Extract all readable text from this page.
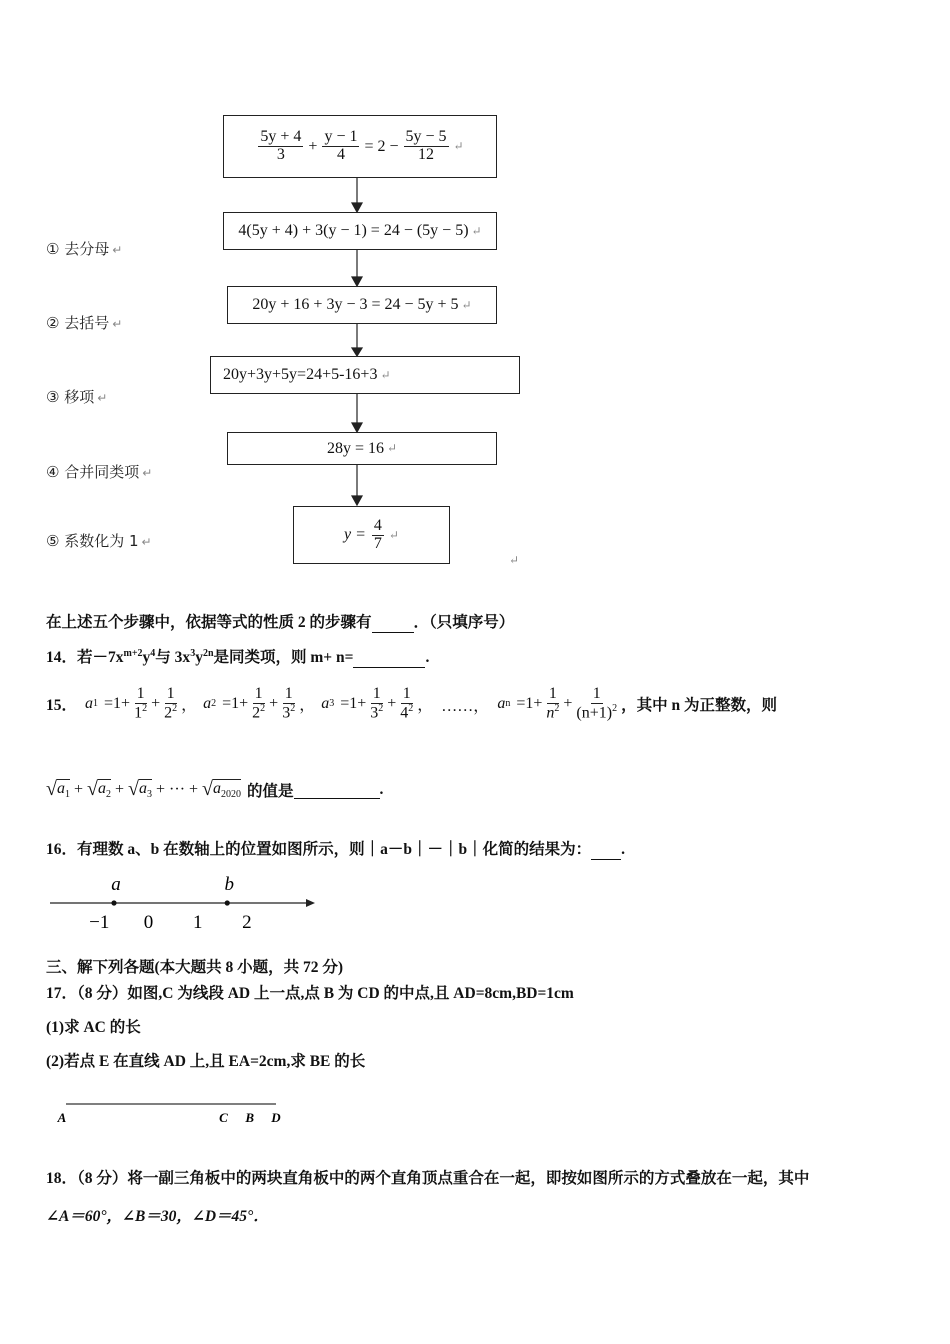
$\frac{5y + 4}{3} + \frac{y - 1}{4} = 2 - \frac{5y - 5}{12}$ ↵
4(5y + 4) + 3(y − 1) = 24 − (5y − 5) ↵
20y + 16 + 3y − 3 = 24 − 5y + 5 ↵
20y+3y+5y=24+5-16+3 ↵
28y = 16 ↵
$y = \frac{4}{7}$ ↵
↵
① 去分母 ↵
② 去括号 ↵
③ 移项 ↵
④ 合并同类项 ↵
⑤ 系数化为 1 ↵
在上述五个步骤中，依据等式的性质 2 的步骤有	．（只填序号）
14．若$-7x^{m+2}y^4$与 $3x^3y^{2n}$是同类项，则 m+ n=	.
15． a $1 =1+ \frac{1}{1^2} + \frac{1}{2^2}$ ， a $2 =1+ \frac{1}{2^2} + \frac{1}{3^2}$ ， a $3 =1+ \frac{1}{3^2} + \frac{1}{4^2}$ ， ……， a $n =1+ \frac{1}{n^2} + \frac{1}{(n+1)^2}$ ，其中 n 为正整数，则
√ $a_1$ + √ $a_2$ + √ $a_3$ + ··· + √ $a_{2020}$ 的值是
	.
16．有理数 a、b 在数轴上的位置如图所示，则｜a－b｜－｜b｜化简的结果为： .
−1 0 1 2
a	b
三、解下列各题(本大题共 8 小题，共 72 分)
17．（8 分）如图,C 为线段 AD 上一点,点 B 为 CD 的中点,且 AD=8cm,BD=1cm
(1)求 AC 的长
(2)若点 E 在直线 AD 上,且 EA=2cm,求 BE 的长
A	C B D
18．（8 分）将一副三角板中的两块直角板中的两个直角顶点重合在一起，即按如图所示的方式叠放在一起，其中
∠A＝60°，∠B＝30，∠D＝45°．
